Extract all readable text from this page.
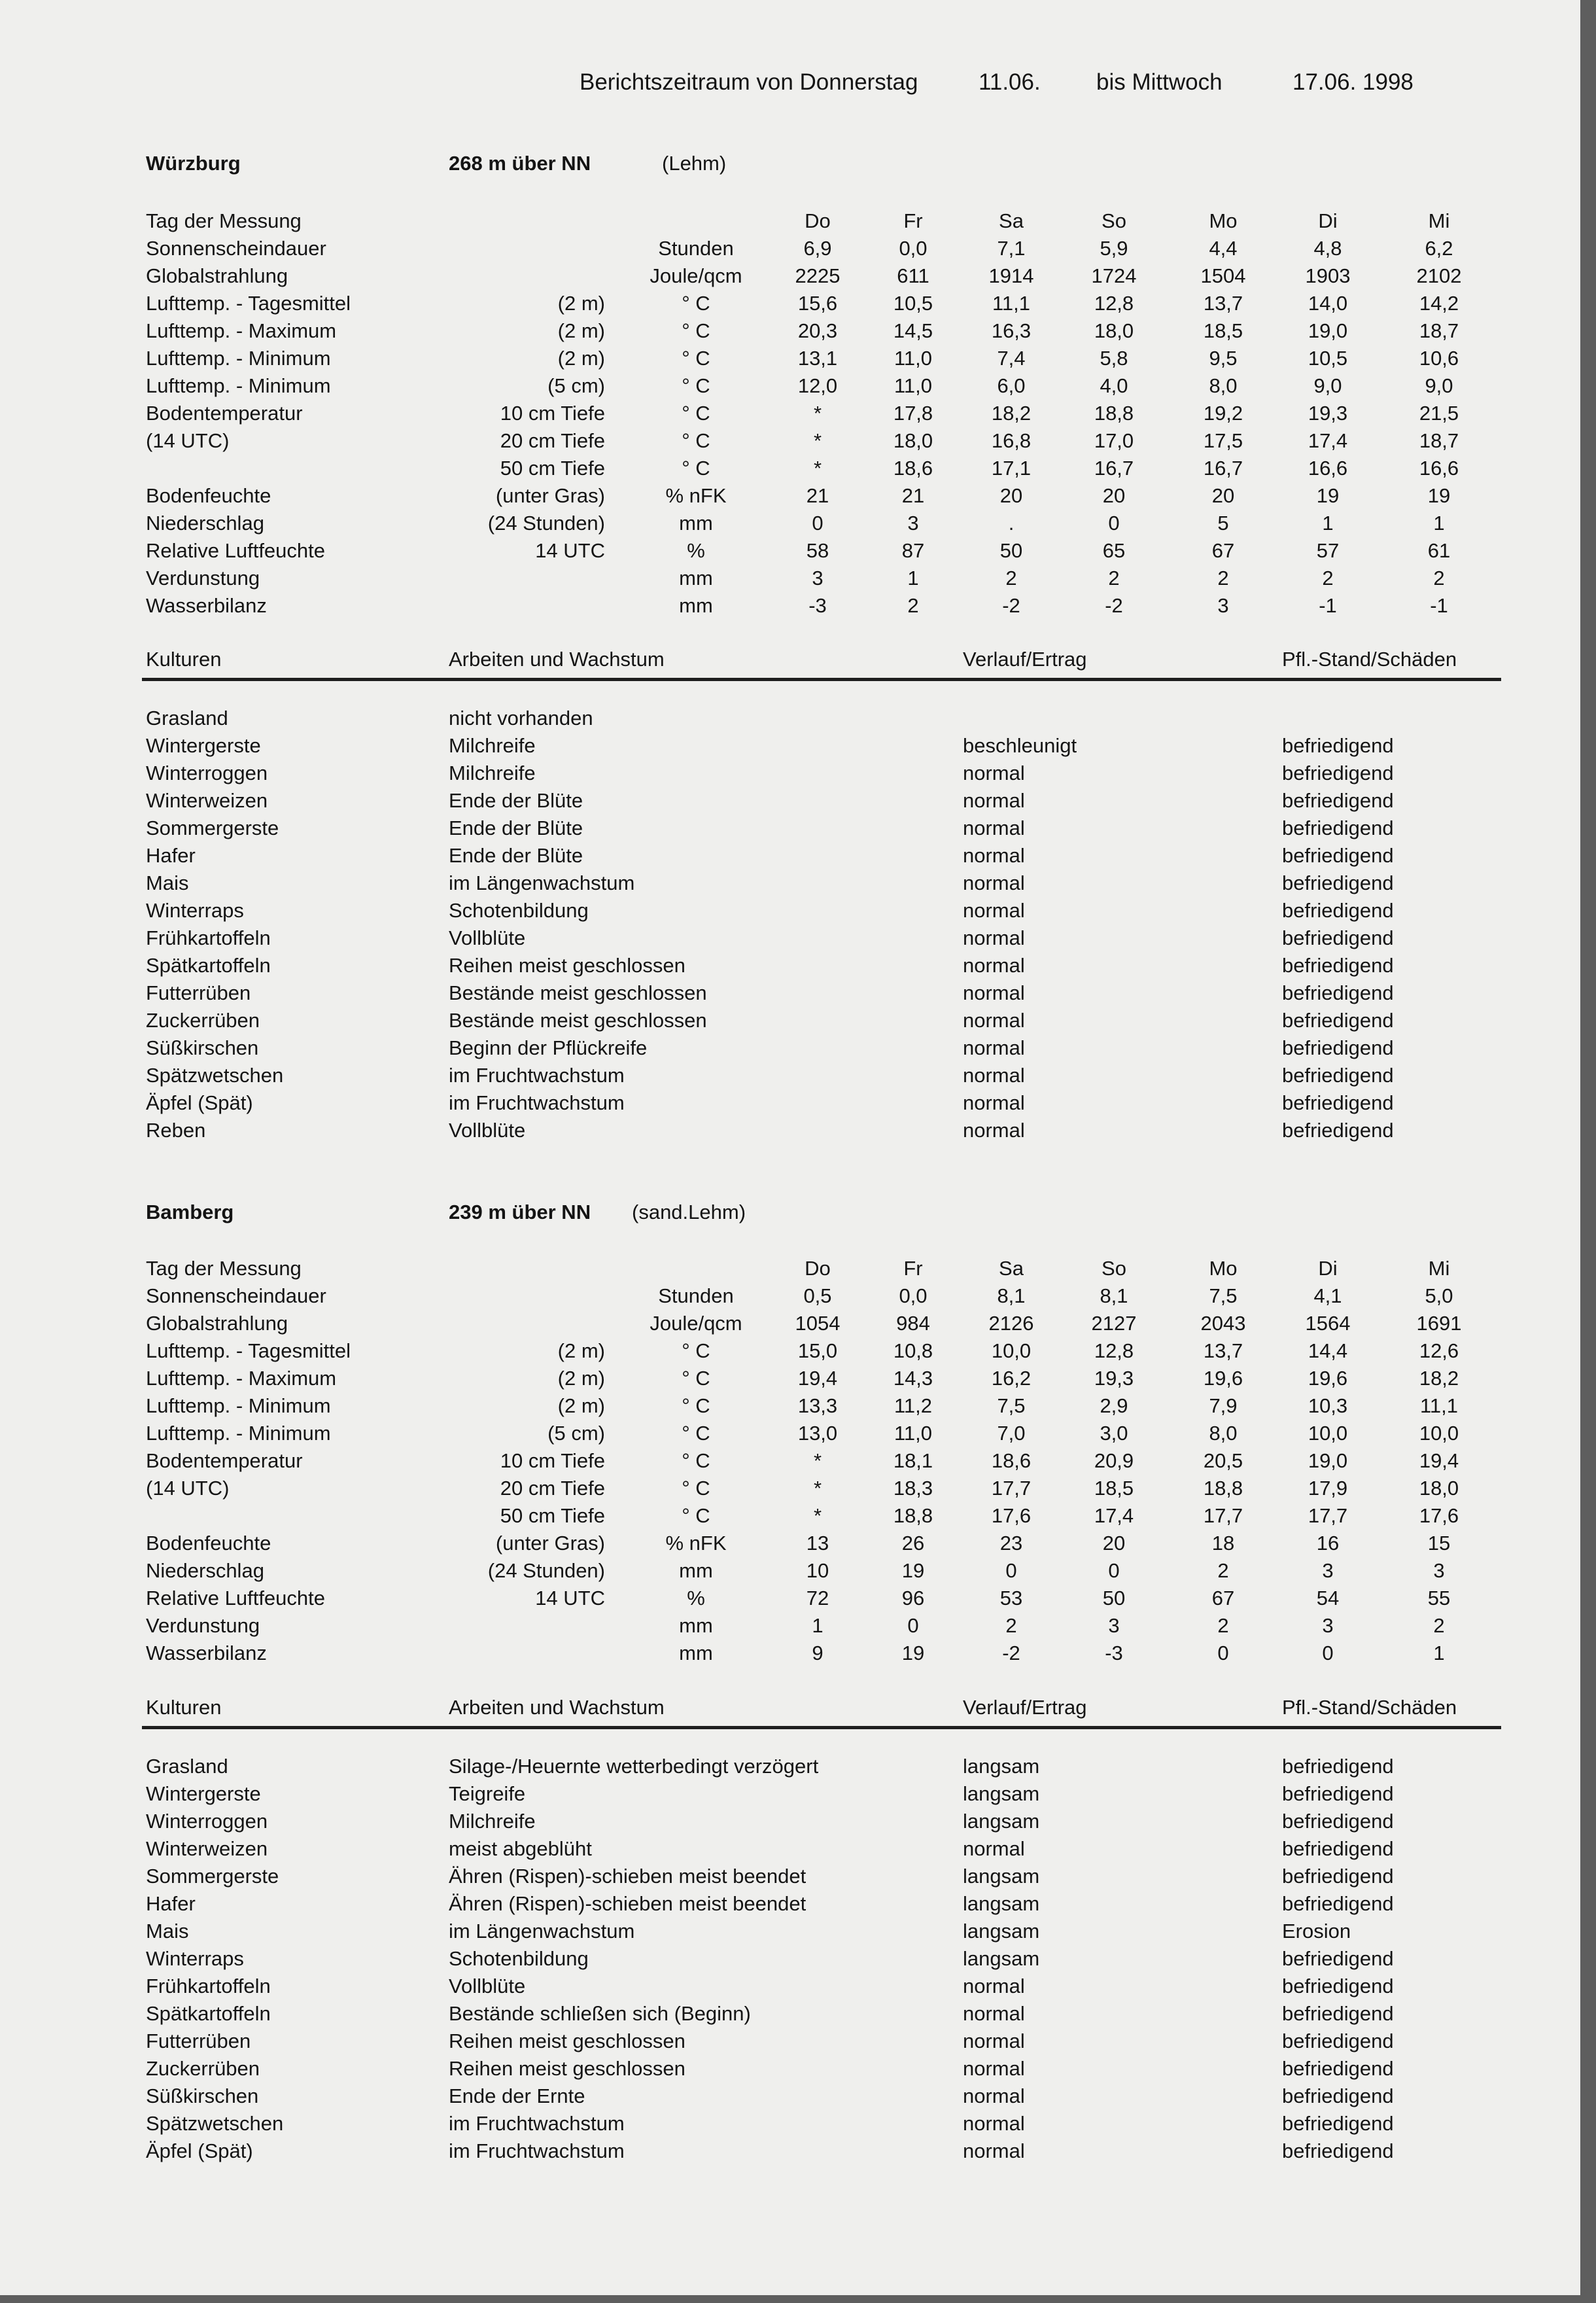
Berichtszeitraum von Donnerstag	11.06. bis Mittwoch	17.06. 1998
Würzburg	268 m über NN	(Lehm)
Tag der Messung	Do	Fr	Sa	So	Mo	Di	Mi
Sonnenscheindauer	Stunden	6,9	0,0	7,1	5,9	4,4	4,8	6,2
Globalstrahlung	Joule/qcm	2225	611	1914	1724	1504	1903	2102
Lufttemp. - Tagesmittel	(2 m)	° C	15,6	10,5	11,1	12,8	13,7	14,0	14,2
Lufttemp. - Maximum	(2 m)	° C	20,3	14,5	16,3	18,0	18,5	19,0	18,7
Lufttemp. - Minimum	(2 m)	° C	13,1	11,0	7,4	5,8	9,5	10,5	10,6
Lufttemp. - Minimum	(5 cm)	° C	12,0	11,0	6,0	4,0	8,0	9,0	9,0
Bodentemperatur	10 cm Tiefe	° C	*	17,8	18,2	18,8	19,2	19,3	21,5
(14 UTC)	20 cm Tiefe	° C	*	18,0	16,8	17,0	17,5	17,4	18,7
50 cm Tiefe	° C	*	18,6	17,1	16,7	16,7	16,6	16,6
Bodenfeuchte	(unter Gras)	% nFK	21	21	20	20	20	19	19
Niederschlag	(24 Stunden)	mm	0	3	.	0	5	1	1
Relative Luftfeuchte	14 UTC	%	58	87	50	65	67	57	61
Verdunstung	mm	3	1	2	2	2	2	2
Wasserbilanz	mm	-3	2	-2	-2	3	-1	-1
Kulturen	Arbeiten und Wachstum	Verlauf/Ertrag	Pfl.-Stand/Schäden
Grasland	nicht vorhanden
Wintergerste	Milchreife	beschleunigt	befriedigend
Winterroggen	Milchreife	normal	befriedigend
Winterweizen	Ende der Blüte	normal	befriedigend
Sommergerste	Ende der Blüte	normal	befriedigend
Hafer	Ende der Blüte	normal	befriedigend
Mais	im Längenwachstum	normal	befriedigend
Winterraps	Schotenbildung	normal	befriedigend
Frühkartoffeln	Vollblüte	normal	befriedigend
Spätkartoffeln	Reihen meist geschlossen	normal	befriedigend
Futterrüben	Bestände meist geschlossen	normal	befriedigend
Zuckerrüben	Bestände meist geschlossen	normal	befriedigend
Süßkirschen	Beginn der Pflückreife	normal	befriedigend
Spätzwetschen	im Fruchtwachstum	normal	befriedigend
Äpfel (Spät)	im Fruchtwachstum	normal	befriedigend
Reben	Vollblüte	normal	befriedigend
Bamberg	239 m über NN (sand.Lehm)
Tag der Messung	Do	Fr	Sa	So	Mo	Di	Mi
Sonnenscheindauer	Stunden	0,5	0,0	8,1	8,1	7,5	4,1	5,0
Globalstrahlung	Joule/qcm	1054	984	2126	2127	2043	1564	1691
Lufttemp. - Tagesmittel	(2 m)	° C	15,0	10,8	10,0	12,8	13,7	14,4	12,6
Lufttemp. - Maximum	(2 m)	° C	19,4	14,3	16,2	19,3	19,6	19,6	18,2
Lufttemp. - Minimum	(2 m)	° C	13,3	11,2	7,5	2,9	7,9	10,3	11,1
Lufttemp. - Minimum	(5 cm)	° C	13,0	11,0	7,0	3,0	8,0	10,0	10,0
Bodentemperatur	10 cm Tiefe	° C	*	18,1	18,6	20,9	20,5	19,0	19,4
(14 UTC)	20 cm Tiefe	° C	*	18,3	17,7	18,5	18,8	17,9	18,0
50 cm Tiefe	° C	*	18,8	17,6	17,4	17,7	17,7	17,6
Bodenfeuchte	(unter Gras)	% nFK	13	26	23	20	18	16	15
Niederschlag	(24 Stunden)	mm	10	19	0	0	2	3	3
Relative Luftfeuchte	14 UTC	%	72	96	53	50	67	54	55
Verdunstung	mm	1	0	2	3	2	3	2
Wasserbilanz	mm	9	19	-2	-3	0	0	1
Kulturen	Arbeiten und Wachstum	Verlauf/Ertrag	Pfl.-Stand/Schäden
Grasland	Silage-/Heuernte wetterbedingt verzögert	langsam	befriedigend
Wintergerste	Teigreife	langsam	befriedigend
Winterroggen	Milchreife	langsam	befriedigend
Winterweizen	meist abgeblüht	normal	befriedigend
Sommergerste	Ähren (Rispen)-schieben meist beendet	langsam	befriedigend
Hafer	Ähren (Rispen)-schieben meist beendet	langsam	befriedigend
Mais	im Längenwachstum	langsam	Erosion
Winterraps	Schotenbildung	langsam	befriedigend
Frühkartoffeln	Vollblüte	normal	befriedigend
Spätkartoffeln	Bestände schließen sich (Beginn)	normal	befriedigend
Futterrüben	Reihen meist geschlossen	normal	befriedigend
Zuckerrüben	Reihen meist geschlossen	normal	befriedigend
Süßkirschen	Ende der Ernte	normal	befriedigend
Spätzwetschen	im Fruchtwachstum	normal	befriedigend
Äpfel (Spät)	im Fruchtwachstum	normal	befriedigend
